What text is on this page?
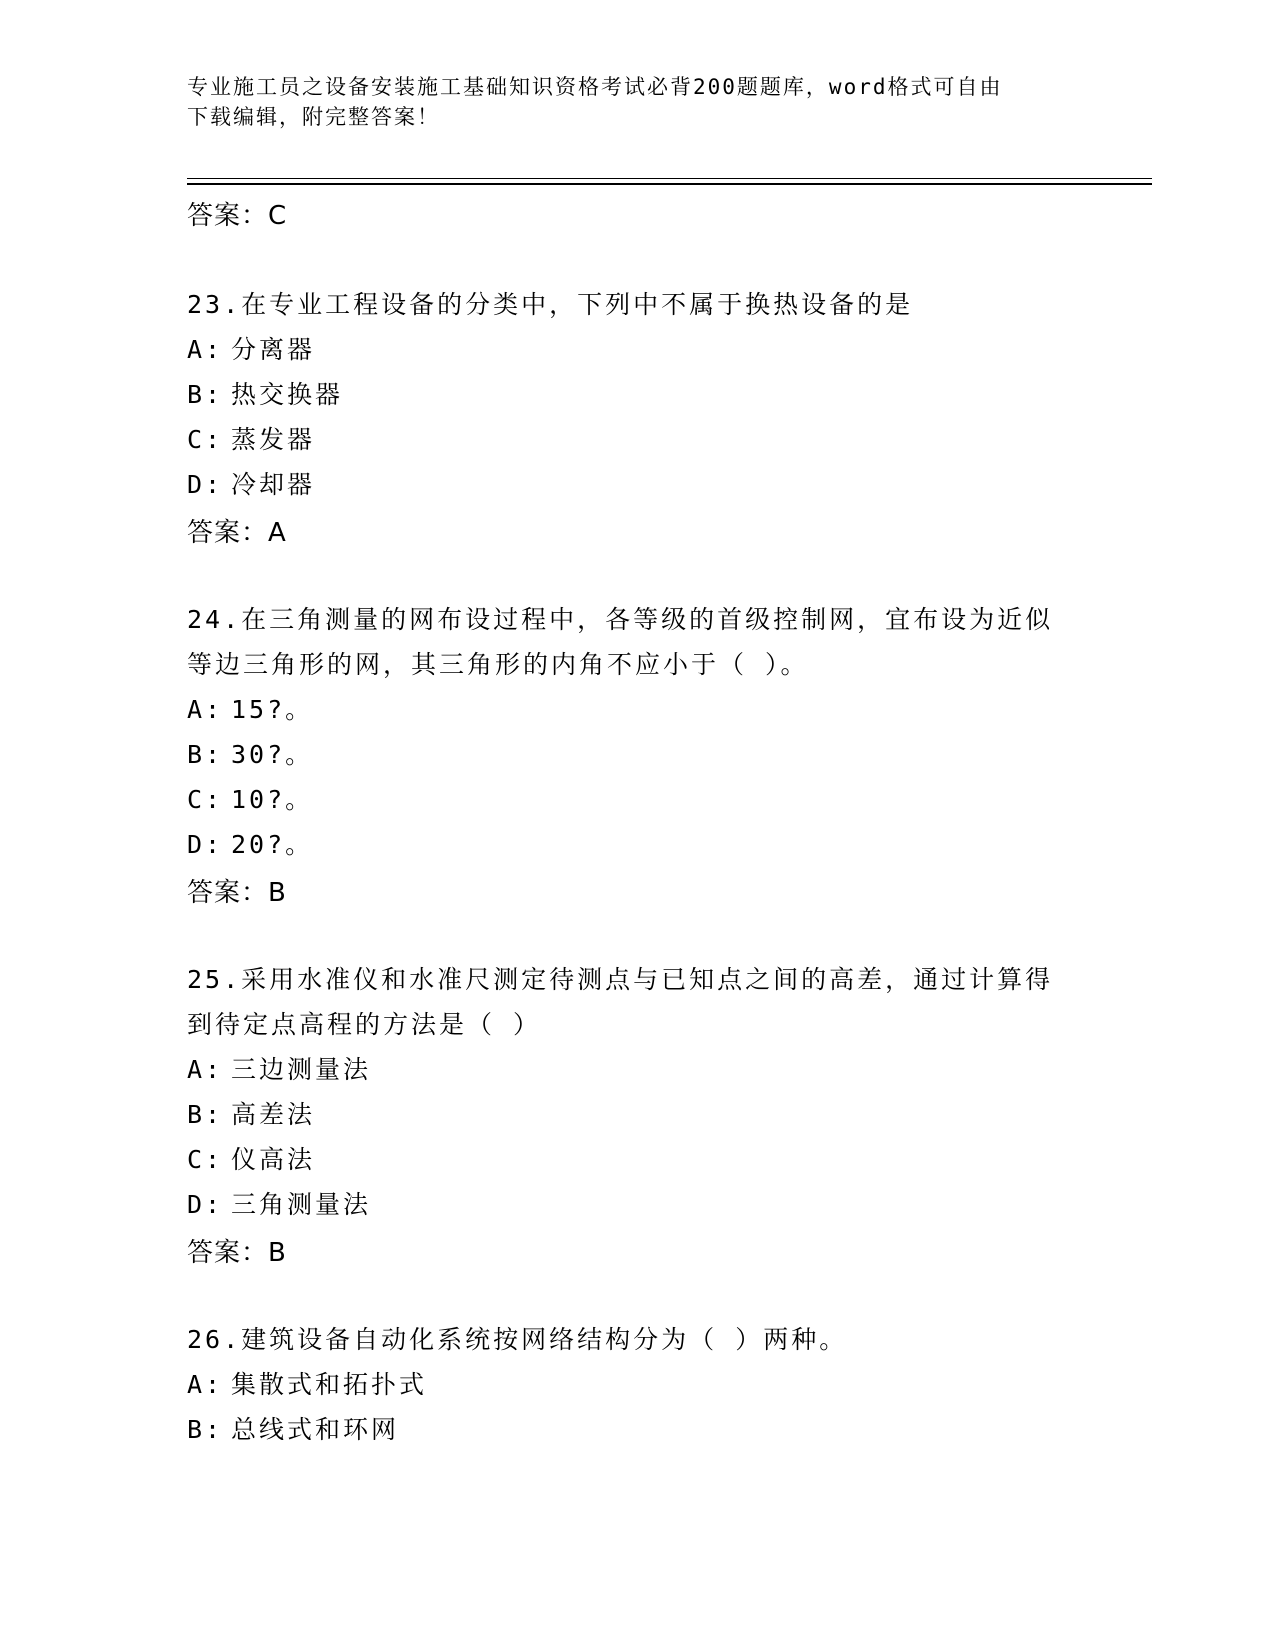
专业施工员之设备安装施工基础知识资格考试必背200题题库，word格式可自由
下载编辑，附完整答案！
答案：C
23.在专业工程设备的分类中，下列中不属于换热设备的是
A: 分离器
B: 热交换器
C: 蒸发器
D: 冷却器
答案：A
24.在三角测量的网布设过程中，各等级的首级控制网，宜布设为近似
等边三角形的网，其三角形的内角不应小于（ ）。
A: 15?。
B: 30?。
C: 10?。
D: 20?。
答案：B
25.采用水准仪和水准尺测定待测点与已知点之间的高差，通过计算得
到待定点高程的方法是（ ）
A: 三边测量法
B: 高差法
C: 仪高法
D: 三角测量法
答案：B
26.建筑设备自动化系统按网络结构分为（ ）两种。
A: 集散式和拓扑式
B: 总线式和环网
